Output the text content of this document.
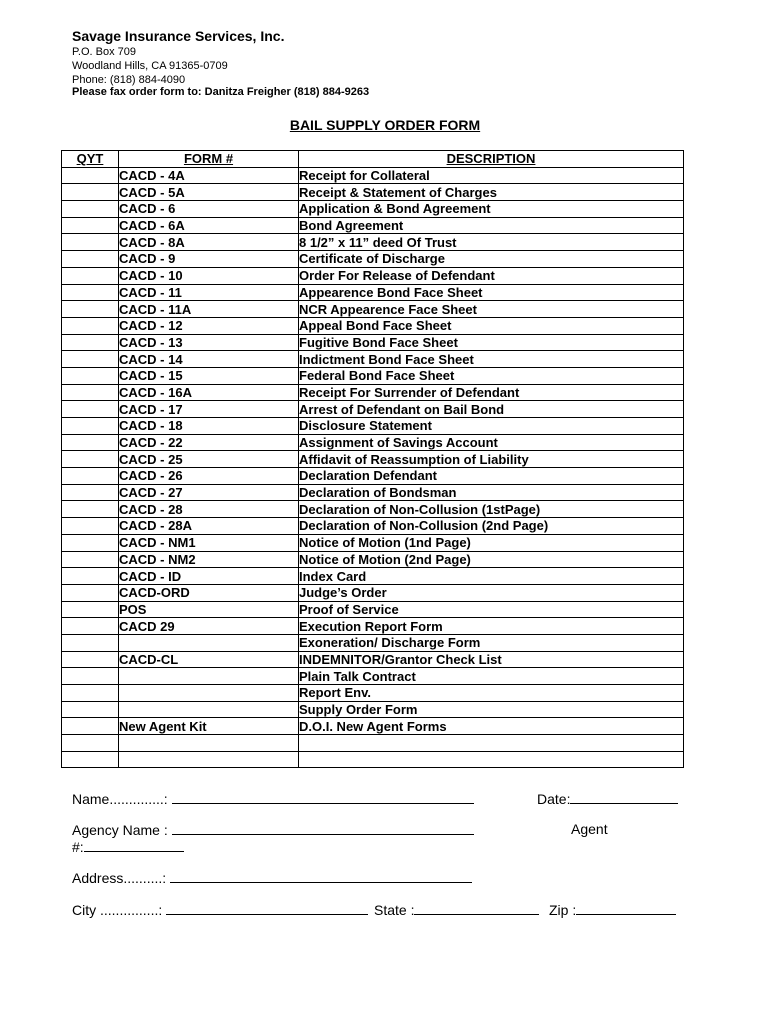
Savage Insurance Services, Inc.
P.O. Box 709
Woodland Hills, CA 91365-0709
Phone: (818) 884-4090
Please fax order form to: Danitza Freigher (818) 884-9263
BAIL SUPPLY ORDER FORM
QYT	FORM #	DESCRIPTION
	CACD - 4A	Receipt for Collateral
	CACD - 5A	Receipt & Statement of Charges
	CACD - 6	Application & Bond Agreement
	CACD - 6A	Bond Agreement
	CACD - 8A	8 1/2” x 11” deed Of Trust
	CACD - 9	Certificate of Discharge
	CACD - 10	Order For Release of Defendant
	CACD - 11	Appearence Bond Face Sheet
	CACD - 11A	NCR Appearence Face Sheet
	CACD - 12	Appeal Bond Face Sheet
	CACD - 13	Fugitive Bond Face Sheet
	CACD - 14	Indictment Bond Face Sheet
	CACD - 15	Federal Bond Face Sheet
	CACD - 16A	Receipt For Surrender of Defendant
	CACD - 17	Arrest of Defendant on Bail Bond
	CACD - 18	Disclosure Statement
	CACD - 22	Assignment of Savings Account
	CACD - 25	Affidavit of Reassumption of Liability
	CACD - 26	Declaration Defendant
	CACD - 27	Declaration of Bondsman
	CACD - 28	Declaration of Non-Collusion (1stPage)
	CACD - 28A	Declaration of Non-Collusion (2nd Page)
	CACD - NM1	Notice of Motion (1nd Page)
	CACD - NM2	Notice of Motion (2nd Page)
	CACD - ID	Index Card
	CACD-ORD	Judge’s Order
	POS	Proof of Service
	CACD 29	Execution Report Form
		Exoneration/ Discharge Form
	CACD-CL	INDEMNITOR/Grantor Check List
		Plain Talk Contract
		Report Env.
		Supply Order Form
	New Agent Kit	D.O.I. New Agent Forms

Name..............:	Date:
Agency Name :	Agent
#:
Address..........:
City ...............:	State :	Zip :
